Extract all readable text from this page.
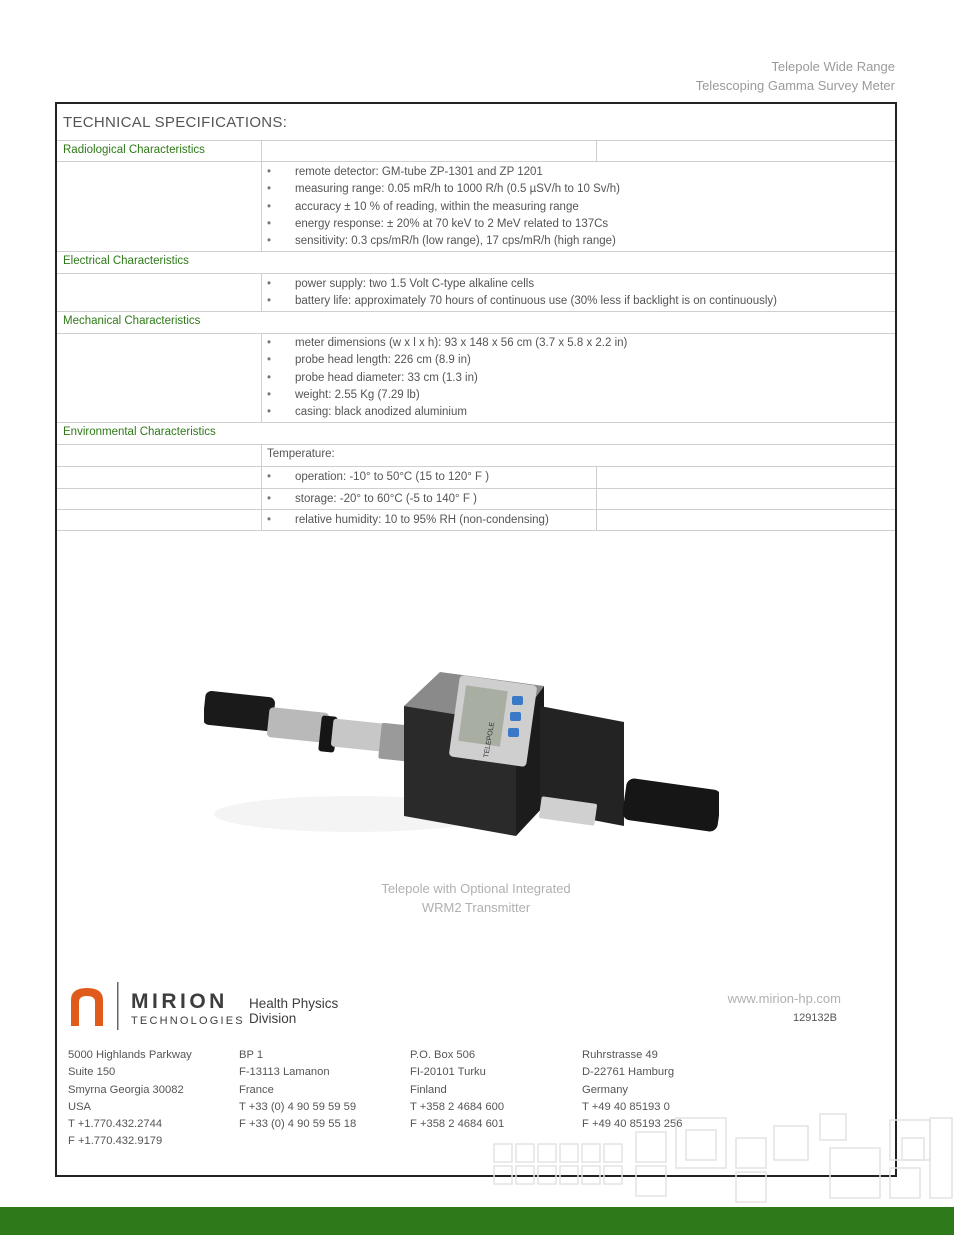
Telepole Wide Range
Telescoping Gamma Survey Meter
TECHNICAL SPECIFICATIONS:
Radiological Characteristics
Electrical Characteristics
Mechanical Characteristics
Environmental Characteristics
• remote detector: GM-tube ZP-1301 and ZP 1201
• measuring range: 0.05 mR/h to 1000 R/h (0.5 µSV/h to 10 Sv/h)
• accuracy ± 10 % of reading, within the measuring range
• energy response: ± 20% at 70 keV to 2 MeV related to 137Cs
• sensitivity: 0.3 cps/mR/h (low range), 17 cps/mR/h (high range)
• power supply: two 1.5 Volt C-type alkaline cells
• battery life: approximately 70 hours of continuous use (30% less if backlight is on continuously)
• meter dimensions (w x l x h): 93 x 148 x 56 cm (3.7 x 5.8 x 2.2 in)
• probe head length: 226 cm (8.9 in)
• probe head diameter: 33 cm (1.3 in)
• weight: 2.55 Kg (7.29 lb)
• casing: black anodized aluminium
Temperature:
• operation: -10° to 50°C (15 to 120° F )
• storage: -20° to 60°C (-5 to 140° F )
• relative humidity: 10 to 95% RH (non-condensing)
TELEPOLE
Telepole with Optional Integrated
WRM2 Transmitter
MIRION
TECHNOLOGIES
Health Physics
Division
www.mirion-hp.com
129132B
5000 Highlands Parkway
Suite 150
Smyrna Georgia 30082
USA
T +1.770.432.2744
F +1.770.432.9179
BP 1
F-13113 Lamanon
France
T +33 (0) 4 90 59 59 59
F +33 (0) 4 90 59 55 18
P.O. Box 506
FI-20101 Turku
Finland
T +358 2 4684 600
F +358 2 4684 601
Ruhrstrasse 49
D-22761 Hamburg
Germany
T +49 40 85193 0
F +49 40 85193 256
